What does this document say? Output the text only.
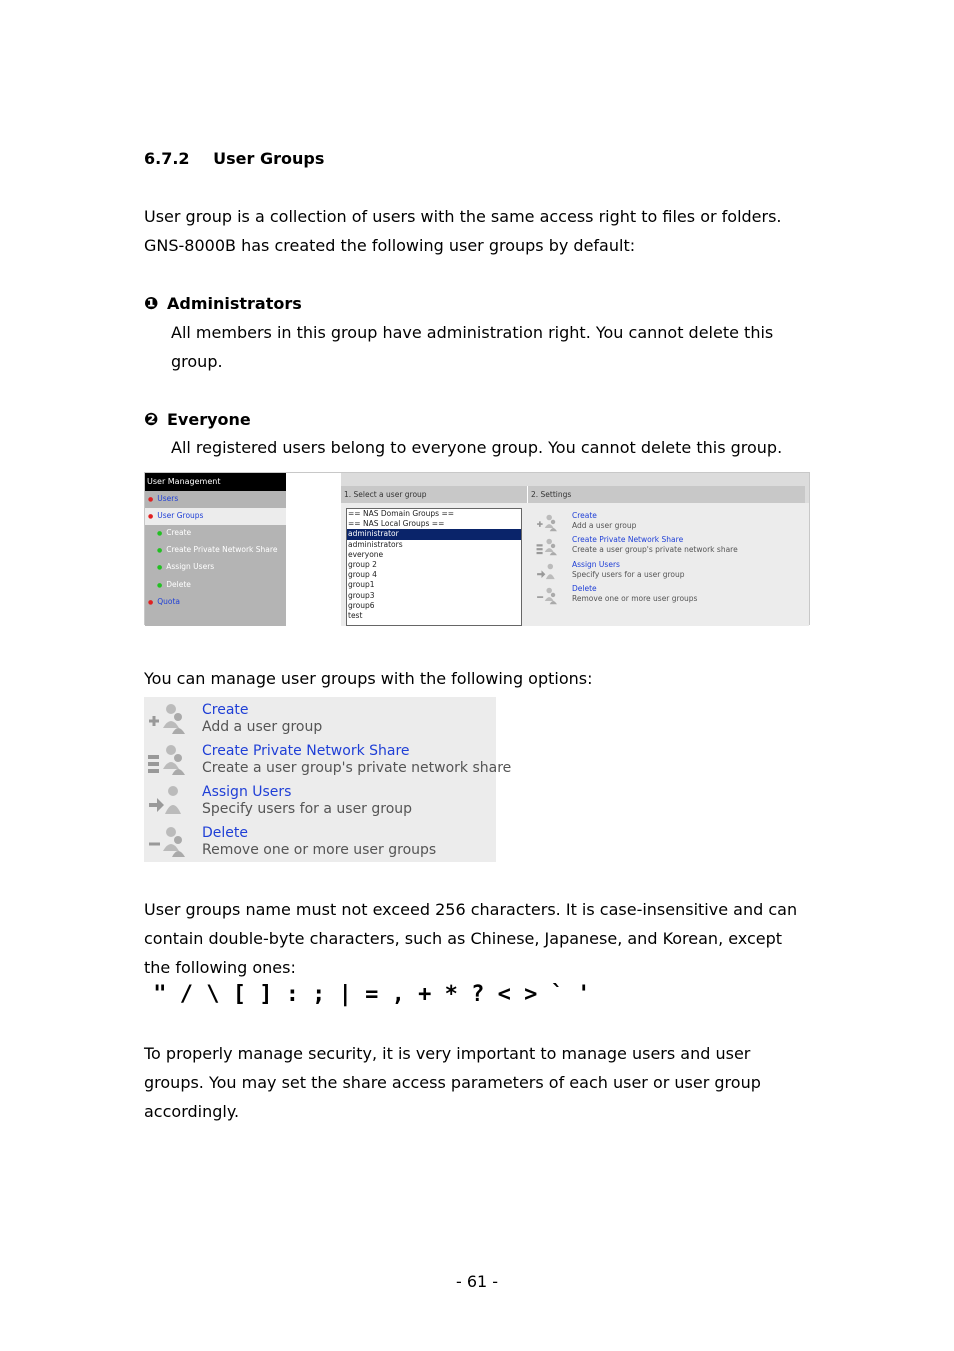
6.7.2 User Groups
User group is a collection of users with the same access right to files or folders.
GNS-8000B has created the following user groups by default:
❶ Administrators
All members in this group have administration right. You cannot delete this
group.
❷ Everyone
All registered users belong to everyone group. You cannot delete this group.
User Management
● Users
● User Groups
● Create
● Create Private Network Share
● Assign Users
● Delete
● Quota
1. Select a user group	2. Settings
== NAS Domain Groups ==
== NAS Local Groups ==
administrator
administrators
everyone
group 2
group 4
group1
group3
group6
test
Create
Add a user group
Create Private Network Share
Create a user group's private network share
Assign Users
Specify users for a user group
Delete
Remove one or more user groups
You can manage user groups with the following options:
Create
Add a user group
Create Private Network Share
Create a user group's private network share
Assign Users
Specify users for a user group
Delete
Remove one or more user groups
User groups name must not exceed 256 characters. It is case-insensitive and can
contain double-byte characters, such as Chinese, Japanese, and Korean, except
the following ones:
" / \ [ ] : ; | = , + * ? < > ` '
To properly manage security, it is very important to manage users and user
groups. You may set the share access parameters of each user or user group
accordingly.
- 61 -
